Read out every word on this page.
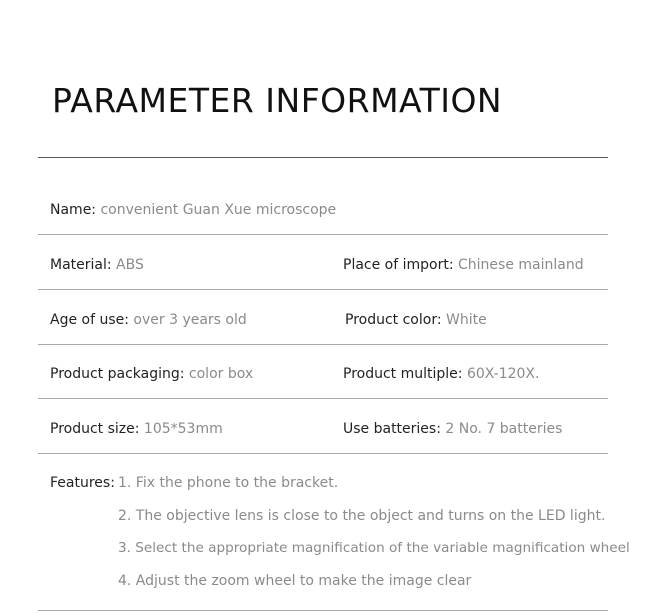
PARAMETER INFORMATION
Name: convenient Guan Xue microscope
Material: ABS	Place of import: Chinese mainland
Age of use: over 3 years old	Product color: White
Product packaging: color box	Product multiple: 60X-120X.
Product size: 105*53mm	Use batteries: 2 No. 7 batteries
Features: 1. Fix the phone to the bracket.
2. The objective lens is close to the object and turns on the LED light.
3. Select the appropriate magnification of the variable magnification wheel
4. Adjust the zoom wheel to make the image clear
